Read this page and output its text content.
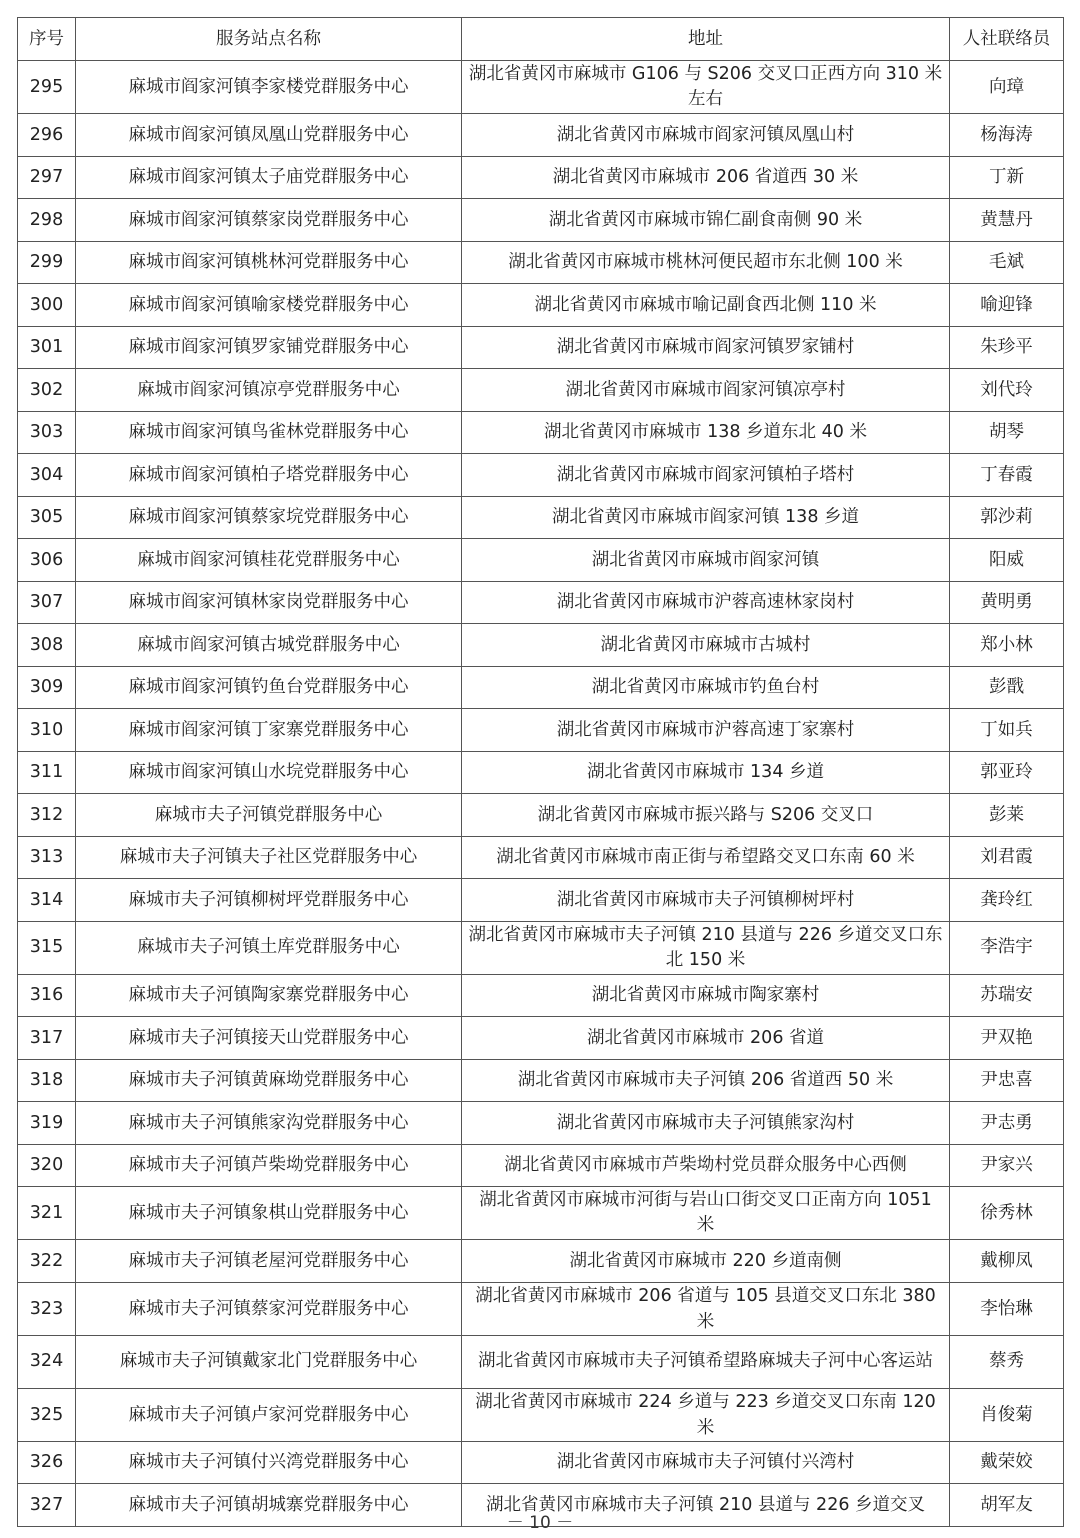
序号	服务站点名称	地址	人社联络员
295	麻城市阎家河镇李家楼党群服务中心	湖北省黄冈市麻城市 G106 与 S206 交叉口正西方向 310 米左右	向璋
296	麻城市阎家河镇凤凰山党群服务中心	湖北省黄冈市麻城市阎家河镇凤凰山村	杨海涛
297	麻城市阎家河镇太子庙党群服务中心	湖北省黄冈市麻城市 206 省道西 30 米	丁新
298	麻城市阎家河镇蔡家岗党群服务中心	湖北省黄冈市麻城市锦仁副食南侧 90 米	黄慧丹
299	麻城市阎家河镇桃林河党群服务中心	湖北省黄冈市麻城市桃林河便民超市东北侧 100 米	毛斌
300	麻城市阎家河镇喻家楼党群服务中心	湖北省黄冈市麻城市喻记副食西北侧 110 米	喻迎锋
301	麻城市阎家河镇罗家铺党群服务中心	湖北省黄冈市麻城市阎家河镇罗家铺村	朱珍平
302	麻城市阎家河镇凉亭党群服务中心	湖北省黄冈市麻城市阎家河镇凉亭村	刘代玲
303	麻城市阎家河镇鸟雀林党群服务中心	湖北省黄冈市麻城市 138 乡道东北 40 米	胡琴
304	麻城市阎家河镇柏子塔党群服务中心	湖北省黄冈市麻城市阎家河镇柏子塔村	丁春霞
305	麻城市阎家河镇蔡家垸党群服务中心	湖北省黄冈市麻城市阎家河镇 138 乡道	郭沙莉
306	麻城市阎家河镇桂花党群服务中心	湖北省黄冈市麻城市阎家河镇	阳威
307	麻城市阎家河镇林家岗党群服务中心	湖北省黄冈市麻城市沪蓉高速林家岗村	黄明勇
308	麻城市阎家河镇古城党群服务中心	湖北省黄冈市麻城市古城村	郑小林
309	麻城市阎家河镇钓鱼台党群服务中心	湖北省黄冈市麻城市钓鱼台村	彭戬
310	麻城市阎家河镇丁家寨党群服务中心	湖北省黄冈市麻城市沪蓉高速丁家寨村	丁如兵
311	麻城市阎家河镇山水垸党群服务中心	湖北省黄冈市麻城市 134 乡道	郭亚玲
312	麻城市夫子河镇党群服务中心	湖北省黄冈市麻城市振兴路与 S206 交叉口	彭莱
313	麻城市夫子河镇夫子社区党群服务中心	湖北省黄冈市麻城市南正街与希望路交叉口东南 60 米	刘君霞
314	麻城市夫子河镇柳树坪党群服务中心	湖北省黄冈市麻城市夫子河镇柳树坪村	龚玲红
315	麻城市夫子河镇土库党群服务中心	湖北省黄冈市麻城市夫子河镇 210 县道与 226 乡道交叉口东北 150 米	李浩宇
316	麻城市夫子河镇陶家寨党群服务中心	湖北省黄冈市麻城市陶家寨村	苏瑞安
317	麻城市夫子河镇接天山党群服务中心	湖北省黄冈市麻城市 206 省道	尹双艳
318	麻城市夫子河镇黄麻坳党群服务中心	湖北省黄冈市麻城市夫子河镇 206 省道西 50 米	尹忠喜
319	麻城市夫子河镇熊家沟党群服务中心	湖北省黄冈市麻城市夫子河镇熊家沟村	尹志勇
320	麻城市夫子河镇芦柴坳党群服务中心	湖北省黄冈市麻城市芦柴坳村党员群众服务中心西侧	尹家兴
321	麻城市夫子河镇象棋山党群服务中心	湖北省黄冈市麻城市河街与岩山口街交叉口正南方向 1051 米	徐秀林
322	麻城市夫子河镇老屋河党群服务中心	湖北省黄冈市麻城市 220 乡道南侧	戴柳凤
323	麻城市夫子河镇蔡家河党群服务中心	湖北省黄冈市麻城市 206 省道与 105 县道交叉口东北 380 米	李怡琳
324	麻城市夫子河镇戴家北门党群服务中心	湖北省黄冈市麻城市夫子河镇希望路麻城夫子河中心客运站	蔡秀
325	麻城市夫子河镇卢家河党群服务中心	湖北省黄冈市麻城市 224 乡道与 223 乡道交叉口东南 120 米	肖俊菊
326	麻城市夫子河镇付兴湾党群服务中心	湖北省黄冈市麻城市夫子河镇付兴湾村	戴荣姣
327	麻城市夫子河镇胡城寨党群服务中心	湖北省黄冈市麻城市夫子河镇 210 县道与 226 乡道交叉	胡军友
－ 10 －
